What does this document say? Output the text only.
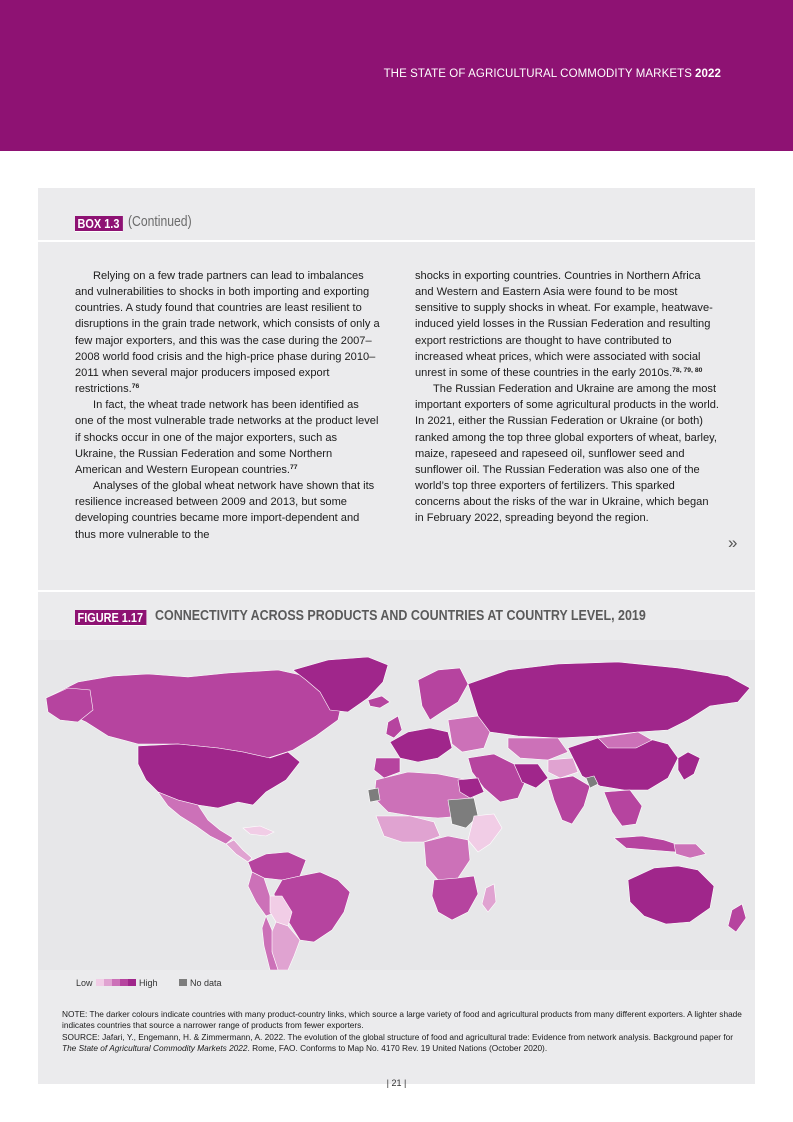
THE STATE OF AGRICULTURAL COMMODITY MARKETS 2022
BOX 1.3 (Continued)

Relying on a few trade partners can lead to imbalances and vulnerabilities to shocks in both importing and exporting countries. A study found that countries are least resilient to disruptions in the grain trade network, which consists of only a few major exporters, and this was the case during the 2007–2008 world food crisis and the high-price phase during 2010–2011 when several major producers imposed export restrictions.$^{76}$

In fact, the wheat trade network has been identified as one of the most vulnerable trade networks at the product level if shocks occur in one of the major exporters, such as Ukraine, the Russian Federation and some Northern American and Western European countries.$^{77}$

Analyses of the global wheat network have shown that its resilience increased between 2009 and 2013, but some developing countries became more import-dependent and thus more vulnerable to the

shocks in exporting countries. Countries in Northern Africa and Western and Eastern Asia were found to be most sensitive to supply shocks in wheat. For example, heatwave-induced yield losses in the Russian Federation and resulting export restrictions are thought to have contributed to increased wheat prices, which were associated with social unrest in some of these countries in the early 2010s.$^{78, 79, 80}$

The Russian Federation and Ukraine are among the most important exporters of some agricultural products in the world. In 2021, either the Russian Federation or Ukraine (or both) ranked among the top three global exporters of wheat, barley, maize, rapeseed and rapeseed oil, sunflower seed and sunflower oil. The Russian Federation was also one of the world’s top three exporters of fertilizers. This sparked concerns about the risks of the war in Ukraine, which began in February 2022, spreading beyond the region.

»
FIGURE 1.17 CONNECTIVITY ACROSS PRODUCTS AND COUNTRIES AT COUNTRY LEVEL, 2019
Low	High	No data

NOTE: The darker colours indicate countries with many product-country links, which source a large variety of food and agricultural products from many different exporters. A lighter shade indicates countries that source a narrower range of products from fewer exporters.

SOURCE: Jafari, Y., Engemann, H. & Zimmermann, A. 2022. The evolution of the global structure of food and agricultural trade: Evidence from network analysis. Background paper for The State of Agricultural Commodity Markets 2022. Rome, FAO. Conforms to Map No. 4170 Rev. 19 United Nations (October 2020).

| 21 |
